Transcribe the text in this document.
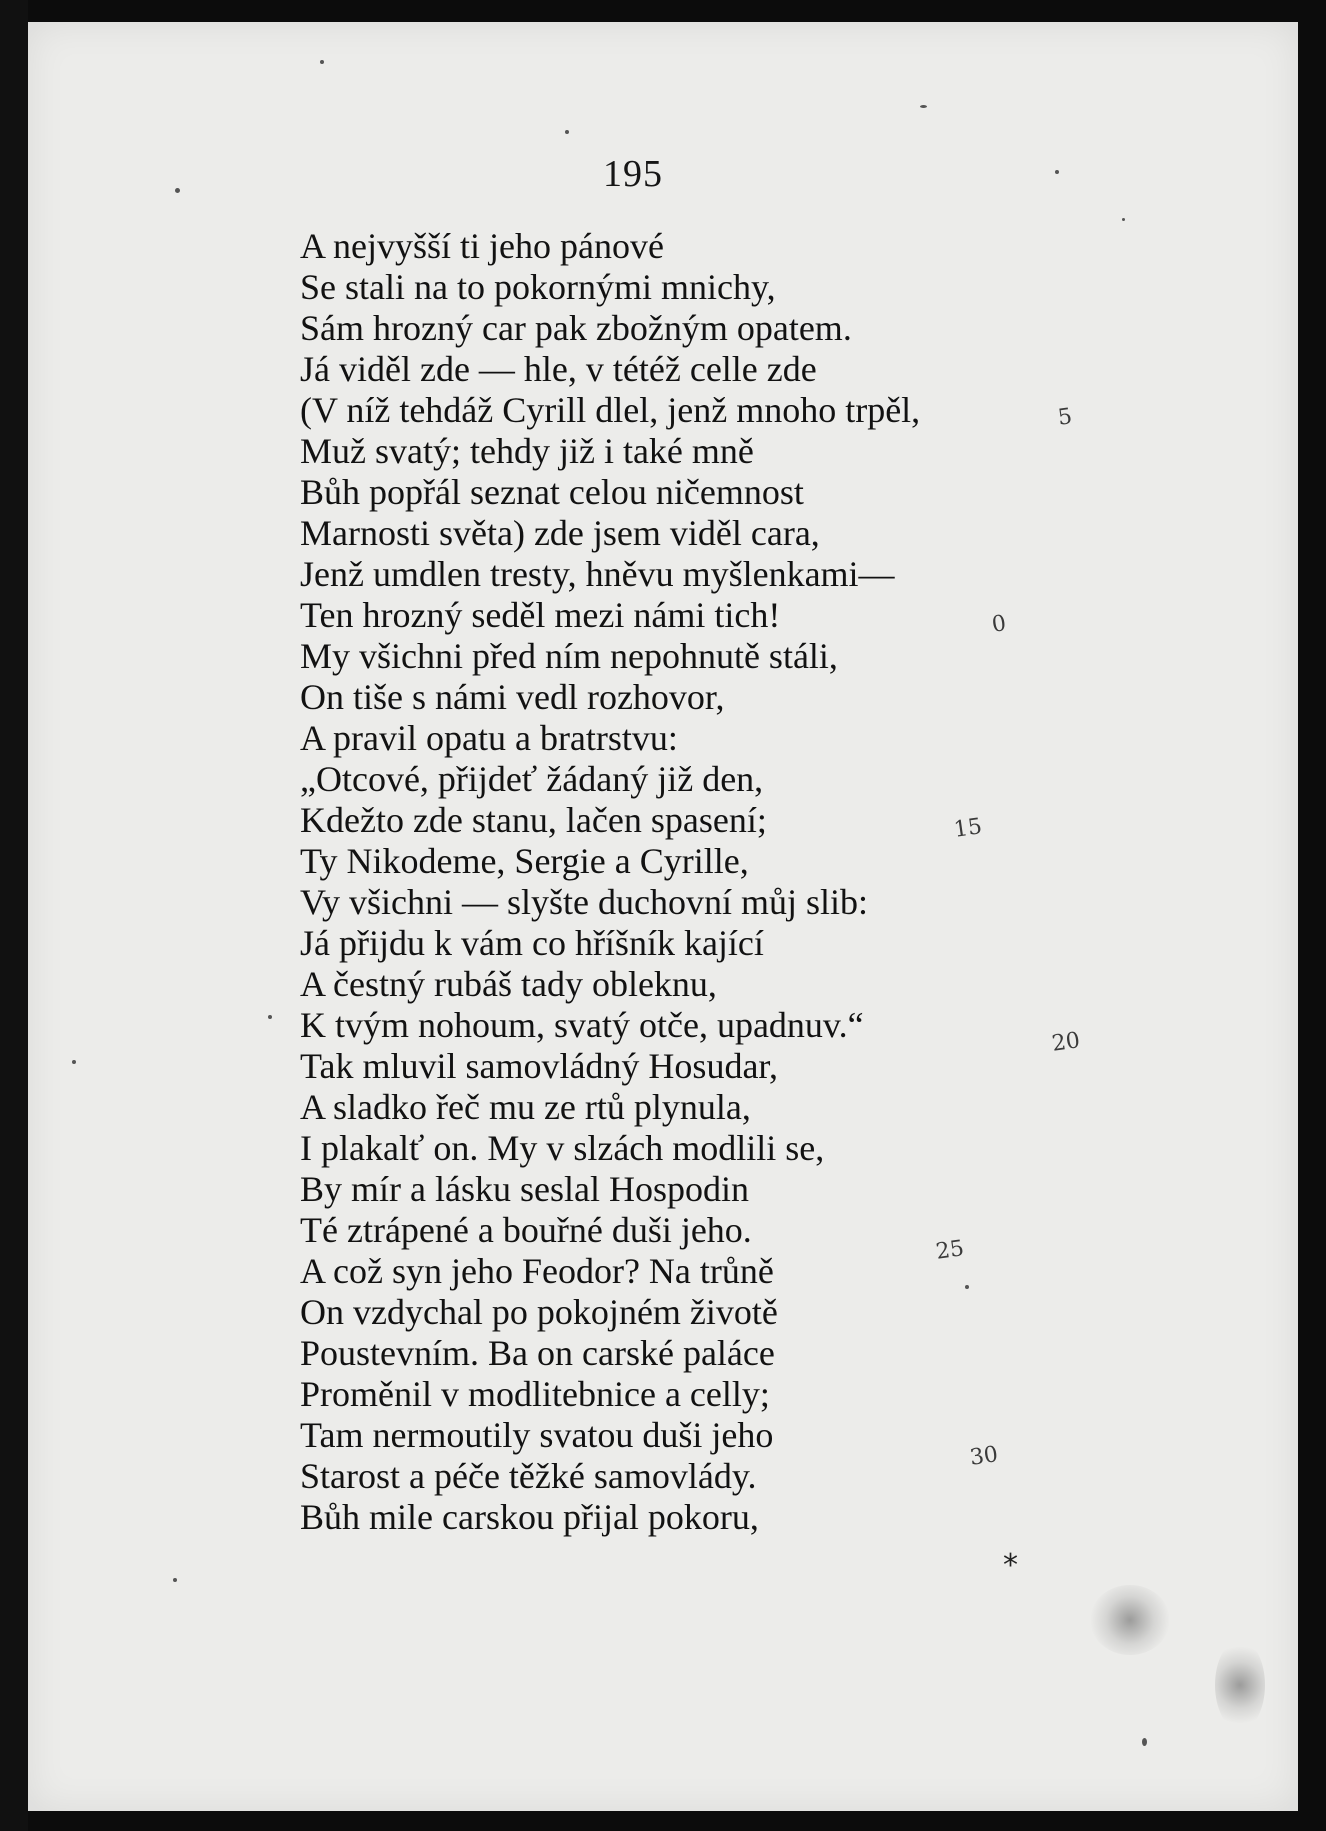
195
A nejvyšší ti jeho pánové
Se stali na to pokornými mnichy,
Sám hrozný car pak zbožným opatem.
Já viděl zde — hle, v tétéž celle zde
(V níž tehdáž Cyrill dlel, jenž mnoho trpěl,
Muž svatý; tehdy již i také mně
Bůh popřál seznat celou ničemnost
Marnosti světa) zde jsem viděl cara,
Jenž umdlen tresty, hněvu myšlenkami—
Ten hrozný seděl mezi námi tich!
My všichni před ním nepohnutě stáli,
On tiše s námi vedl rozhovor,
A pravil opatu a bratrstvu:
„Otcové, přijdeť žádaný již den,
Kdežto zde stanu, lačen spasení;
Ty Nikodeme, Sergie a Cyrille,
Vy všichni — slyšte duchovní můj slib:
Já přijdu k vám co hříšník kající
A čestný rubáš tady obleknu,
K tvým nohoum, svatý otče, upadnuv.“
Tak mluvil samovládný Hosudar,
A sladko řeč mu ze rtů plynula,
I plakalť on. My v slzách modlili se,
By mír a lásku seslal Hospodin
Té ztrápené a bouřné duši jeho.
A což syn jeho Feodor? Na trůně
On vzdychal po pokojném životě
Poustevním. Ba on carské paláce
Proměnil v modlitebnice a celly;
Tam nermoutily svatou duši jeho
Starost a péče těžké samovlády.
Bůh mile carskou přijal pokoru,
5
0
15
20
25
30
*
